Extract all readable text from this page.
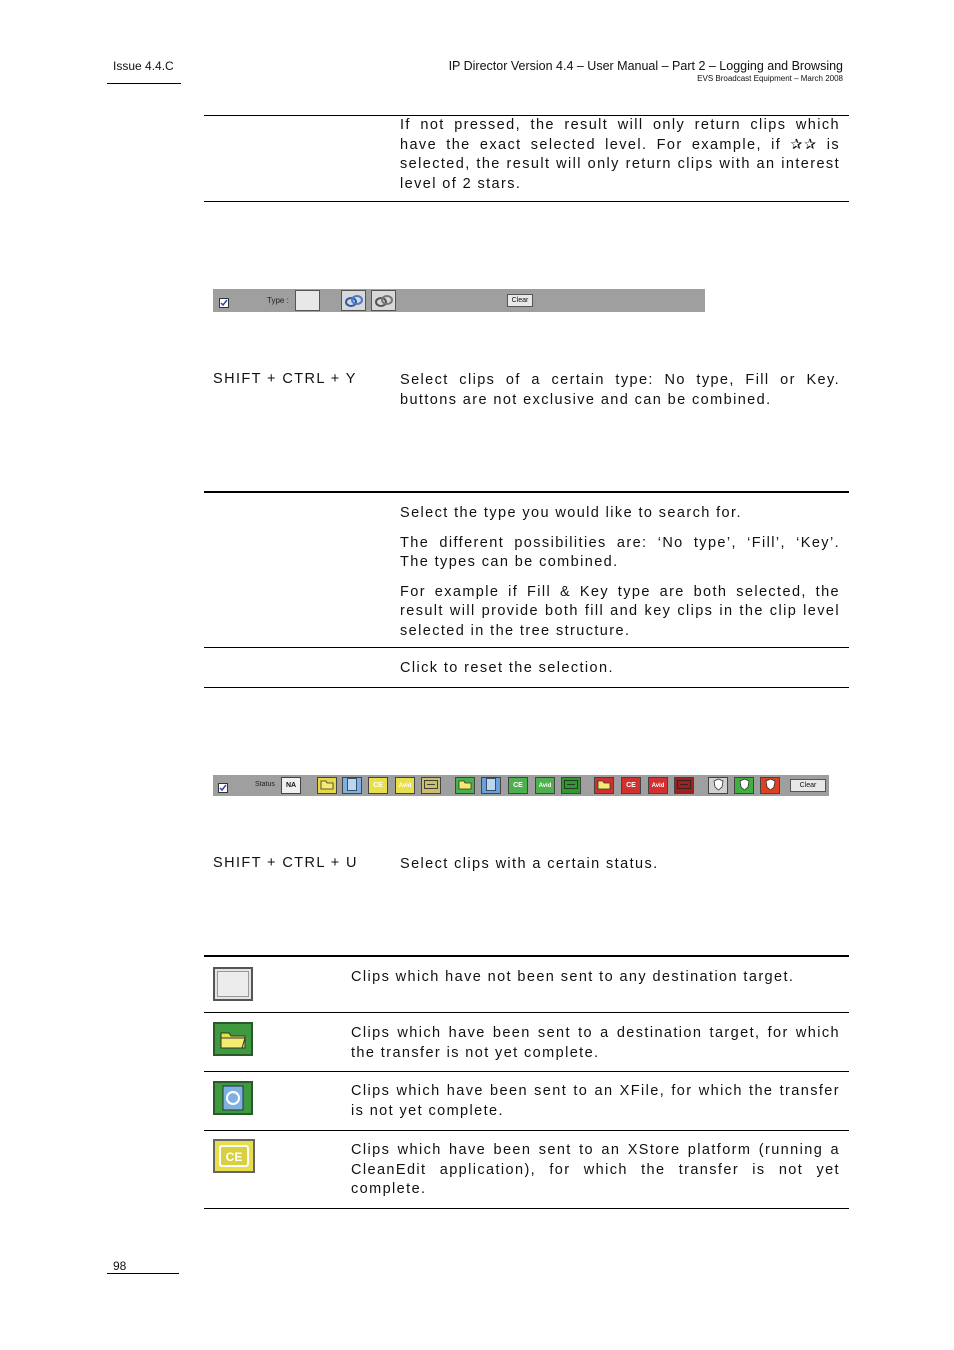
Issue 4.4.C	IP Director Version 4.4 – User Manual – Part 2 – Logging and Browsing
EVS Broadcast Equipment – March 2008
If not pressed, the result will only return clips which have the exact selected level. For example, if ✰✰ is selected, the result will only return clips with an interest level of 2 stars.
Type :	Clear
SHIFT + CTRL + Y	Select clips of a certain type: No type, Fill or Key. buttons are not exclusive and can be combined.

Select the type you would like to search for.

The different possibilities are: ‘No type’, ‘Fill’, ‘Key’. The types can be combined.

For example if Fill & Key type are both selected, the result will provide both fill and key clips in the clip level selected in the tree structure.

Click to reset the selection.
Status	NA	CE	Avid	CE	Avid	CE	Avid	Clear
SHIFT + CTRL + U	Select clips with a certain status.
Clips which have not been sent to any destination target.
Clips which have been sent to a destination target, for which the transfer is not yet complete.
Clips which have been sent to an XFile, for which the transfer is not yet complete.
CE	Clips which have been sent to an XStore platform (running a CleanEdit application), for which the transfer is not yet complete.
98
